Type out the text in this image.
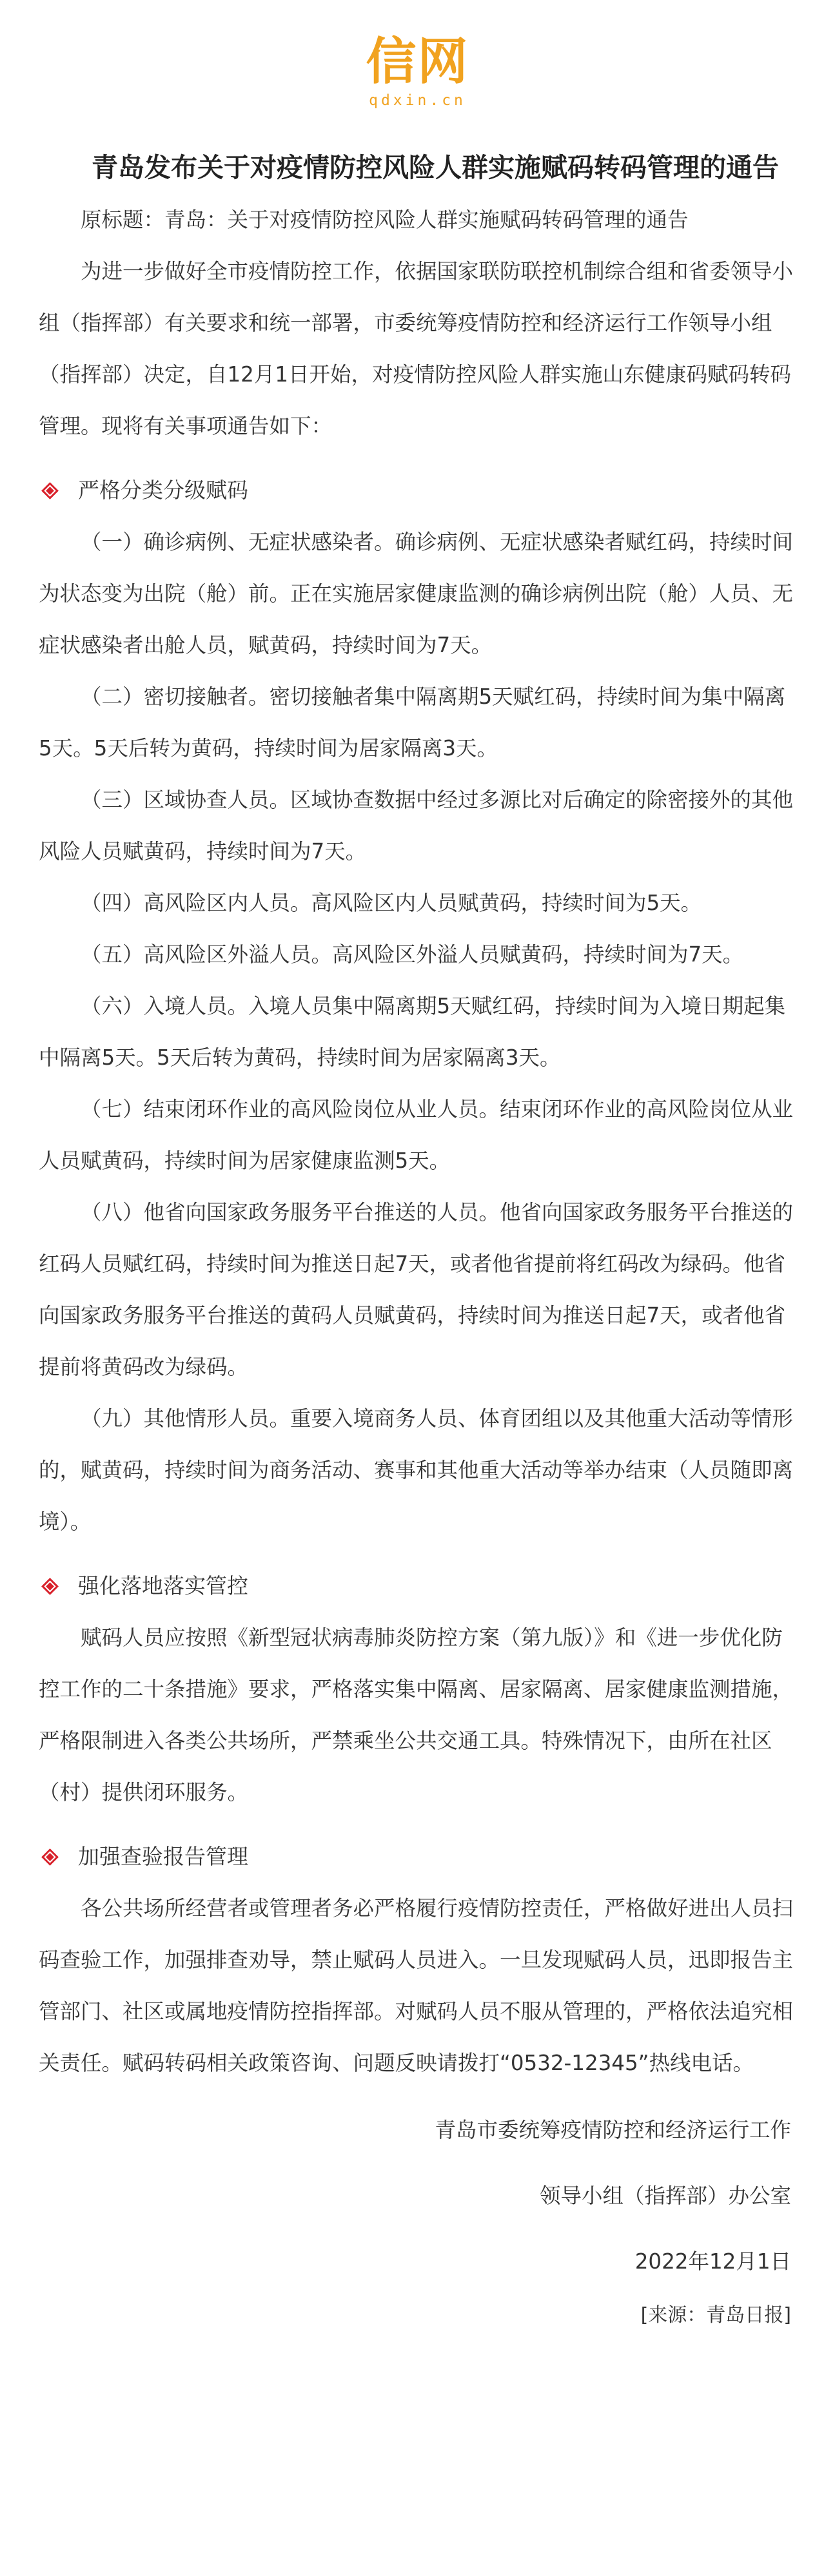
信网
qdxin.cn
青岛发布关于对疫情防控风险人群实施赋码转码管理的通告

原标题：青岛：关于对疫情防控风险人群实施赋码转码管理的通告

为进一步做好全市疫情防控工作，依据国家联防联控机制综合组和省委领导小组（指挥部）有关要求和统一部署，市委统筹疫情防控和经济运行工作领导小组（指挥部）决定，自12月1日开始，对疫情防控风险人群实施山东健康码赋码转码管理。现将有关事项通告如下：

严格分类分级赋码

（一）确诊病例、无症状感染者。确诊病例、无症状感染者赋红码，持续时间为状态变为出院（舱）前。正在实施居家健康监测的确诊病例出院（舱）人员、无症状感染者出舱人员，赋黄码，持续时间为7天。

（二）密切接触者。密切接触者集中隔离期5天赋红码，持续时间为集中隔离5天。5天后转为黄码，持续时间为居家隔离3天。

（三）区域协查人员。区域协查数据中经过多源比对后确定的除密接外的其他风险人员赋黄码，持续时间为7天。

（四）高风险区内人员。高风险区内人员赋黄码，持续时间为5天。

（五）高风险区外溢人员。高风险区外溢人员赋黄码，持续时间为7天。

（六）入境人员。入境人员集中隔离期5天赋红码，持续时间为入境日期起集中隔离5天。5天后转为黄码，持续时间为居家隔离3天。

（七）结束闭环作业的高风险岗位从业人员。结束闭环作业的高风险岗位从业人员赋黄码，持续时间为居家健康监测5天。

（八）他省向国家政务服务平台推送的人员。他省向国家政务服务平台推送的红码人员赋红码，持续时间为推送日起7天，或者他省提前将红码改为绿码。他省向国家政务服务平台推送的黄码人员赋黄码，持续时间为推送日起7天，或者他省提前将黄码改为绿码。

（九）其他情形人员。重要入境商务人员、体育团组以及其他重大活动等情形的，赋黄码，持续时间为商务活动、赛事和其他重大活动等举办结束（人员随即离境）。

强化落地落实管控

赋码人员应按照《新型冠状病毒肺炎防控方案（第九版）》和《进一步优化防控工作的二十条措施》要求，严格落实集中隔离、居家隔离、居家健康监测措施，严格限制进入各类公共场所，严禁乘坐公共交通工具。特殊情况下，由所在社区（村）提供闭环服务。

加强查验报告管理

各公共场所经营者或管理者务必严格履行疫情防控责任，严格做好进出人员扫码查验工作，加强排查劝导，禁止赋码人员进入。一旦发现赋码人员，迅即报告主管部门、社区或属地疫情防控指挥部。对赋码人员不服从管理的，严格依法追究相关责任。赋码转码相关政策咨询、问题反映请拨打“0532-12345”热线电话。

青岛市委统筹疫情防控和经济运行工作
领导小组（指挥部）办公室
2022年12月1日
[来源：青岛日报]
